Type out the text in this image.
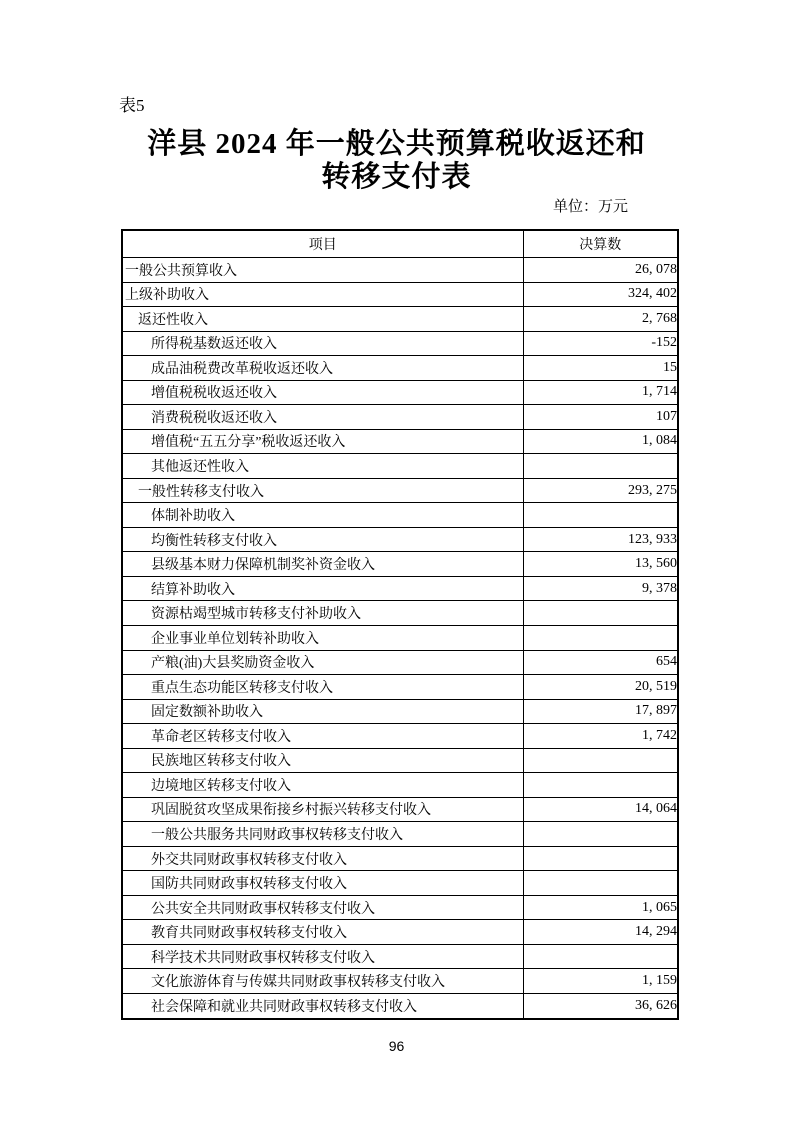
表5
洋县 2024 年一般公共预算税收返还和
转移支付表
单位：万元
项目	决算数
一般公共预算收入	26, 078
上级补助收入	324, 402
返还性收入	2, 768
所得税基数返还收入	-152
成品油税费改革税收返还收入	15
增值税税收返还收入	1, 714
消费税税收返还收入	107
增值税“五五分享”税收返还收入	1, 084
其他返还性收入	
一般性转移支付收入	293, 275
体制补助收入	
均衡性转移支付收入	123, 933
县级基本财力保障机制奖补资金收入	13, 560
结算补助收入	9, 378
资源枯竭型城市转移支付补助收入	
企业事业单位划转补助收入	
产粮(油)大县奖励资金收入	654
重点生态功能区转移支付收入	20, 519
固定数额补助收入	17, 897
革命老区转移支付收入	1, 742
民族地区转移支付收入	
边境地区转移支付收入	
巩固脱贫攻坚成果衔接乡村振兴转移支付收入	14, 064
一般公共服务共同财政事权转移支付收入	
外交共同财政事权转移支付收入	
国防共同财政事权转移支付收入	
公共安全共同财政事权转移支付收入	1, 065
教育共同财政事权转移支付收入	14, 294
科学技术共同财政事权转移支付收入	
文化旅游体育与传媒共同财政事权转移支付收入	1, 159
社会保障和就业共同财政事权转移支付收入	36, 626
96
